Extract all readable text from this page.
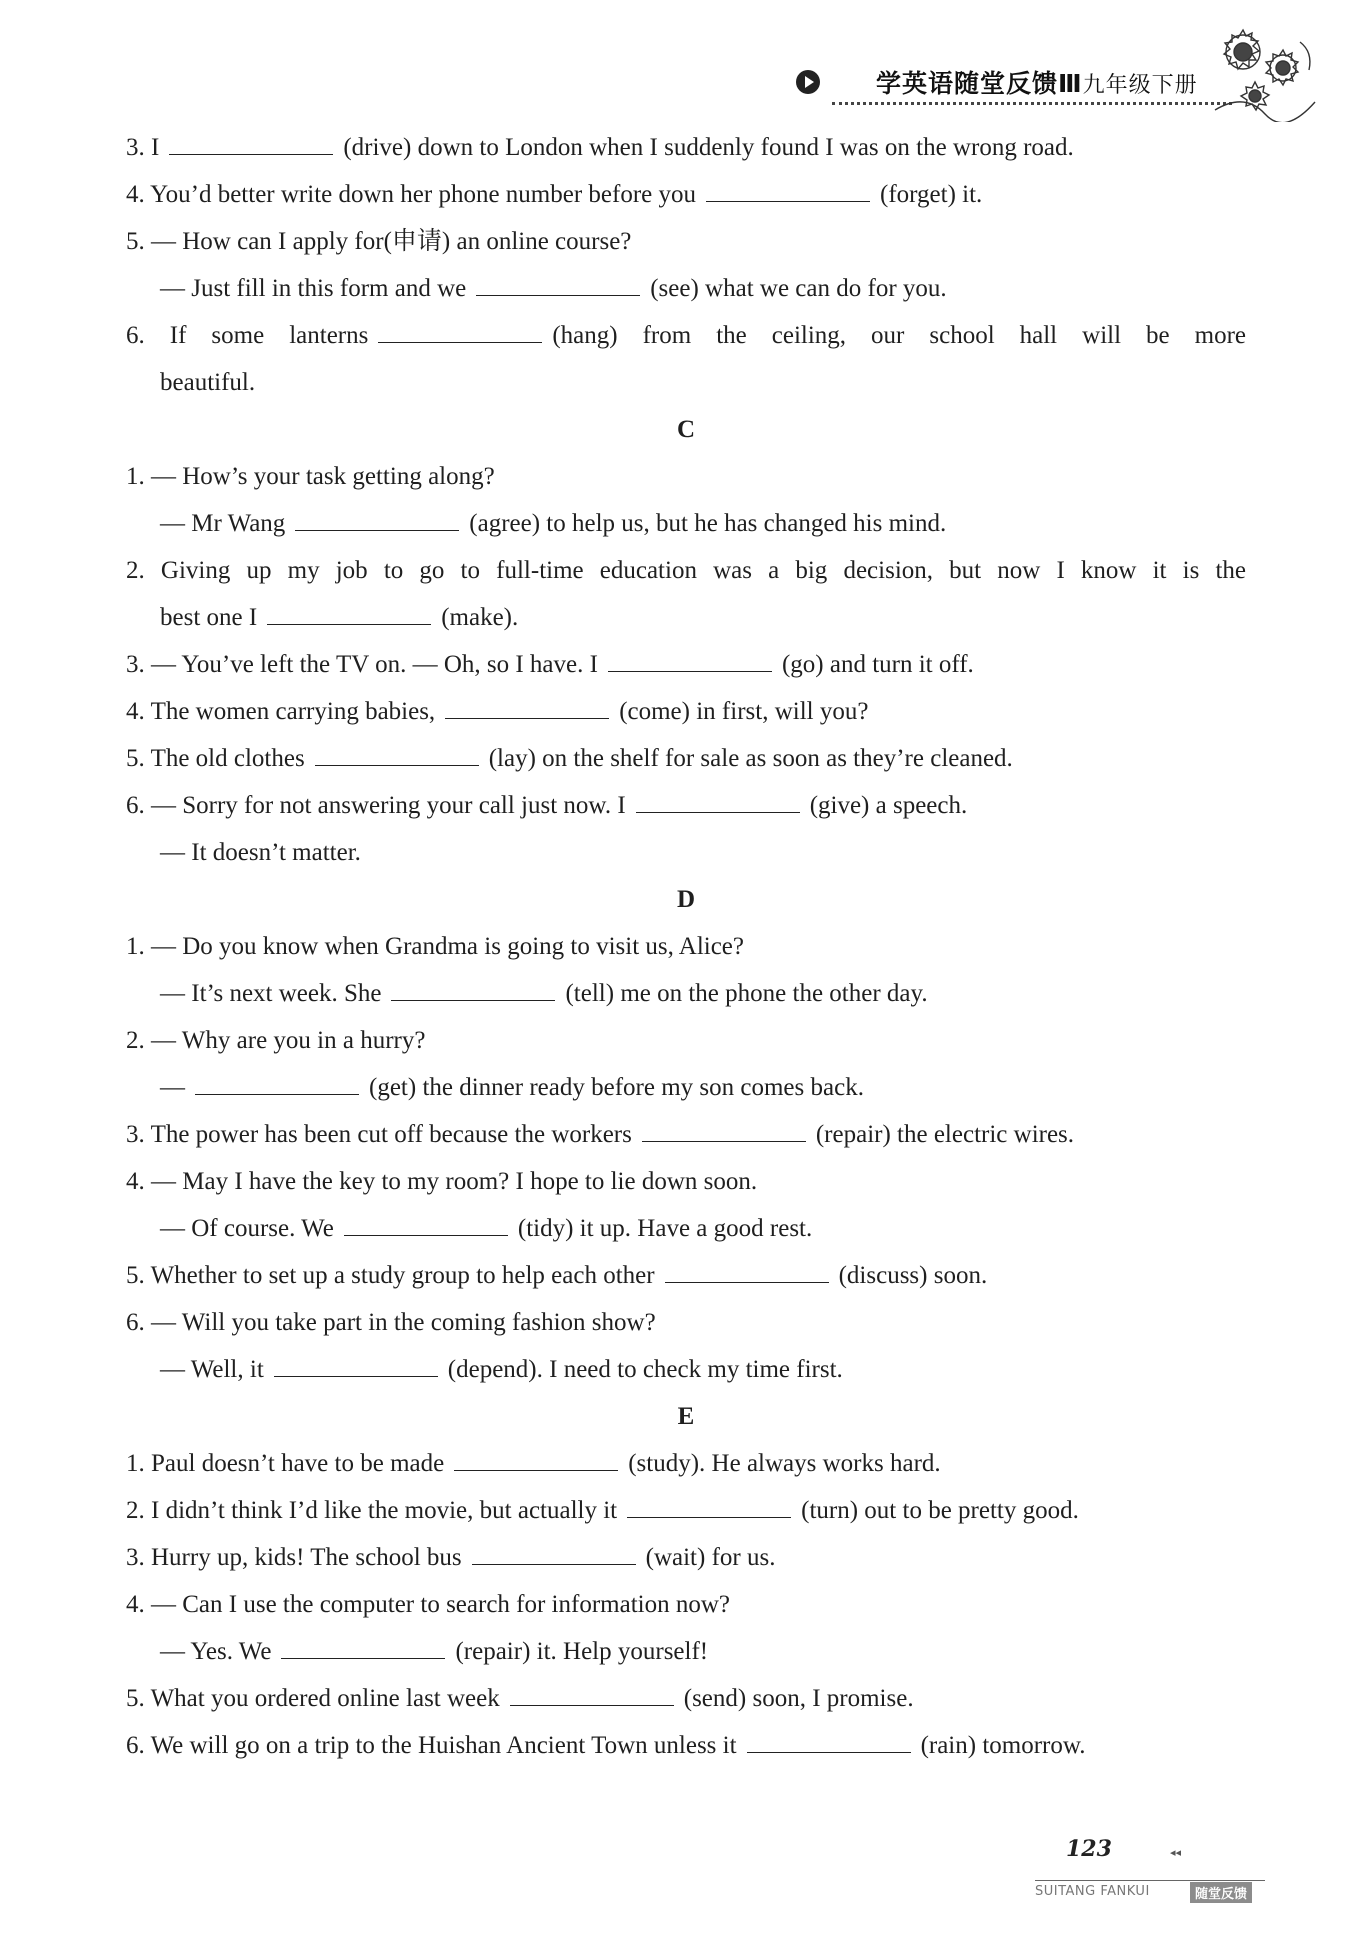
学英语随堂反馈Ⅲ九年级下册
3. I	(drive) down to London when I suddenly found I was on the wrong road.
4. You’d better write down her phone number before you	(forget) it.
5. — How can I apply for(申请) an online course?
— Just fill in this form and we	(see) what we can do for you.
6. If some lanterns	(hang) from the ceiling, our school hall will be more
beautiful.
C
1. — How’s your task getting along?
— Mr Wang	(agree) to help us, but he has changed his mind.
2. Giving up my job to go to full-time education was a big decision, but now I know it is the
best one I	(make).
3. — You’ve left the TV on. — Oh, so I have. I	(go) and turn it off.
4. The women carrying babies,	(come) in first, will you?
5. The old clothes	(lay) on the shelf for sale as soon as they’re cleaned.
6. — Sorry for not answering your call just now. I	(give) a speech.
— It doesn’t matter.
D
1. — Do you know when Grandma is going to visit us, Alice?
— It’s next week. She	(tell) me on the phone the other day.
2. — Why are you in a hurry?
—	(get) the dinner ready before my son comes back.
3. The power has been cut off because the workers	(repair) the electric wires.
4. — May I have the key to my room? I hope to lie down soon.
— Of course. We	(tidy) it up. Have a good rest.
5. Whether to set up a study group to help each other	(discuss) soon.
6. — Will you take part in the coming fashion show?
— Well, it	(depend). I need to check my time first.
E
1. Paul doesn’t have to be made	(study). He always works hard.
2. I didn’t think I’d like the movie, but actually it	(turn) out to be pretty good.
3. Hurry up, kids! The school bus	(wait) for us.
4. — Can I use the computer to search for information now?
— Yes. We	(repair) it. Help yourself!
5. What you ordered online last week	(send) soon, I promise.
6. We will go on a trip to the Huishan Ancient Town unless it	(rain) tomorrow.
123	◂◂
SUITANG FANKUI	随堂反馈
